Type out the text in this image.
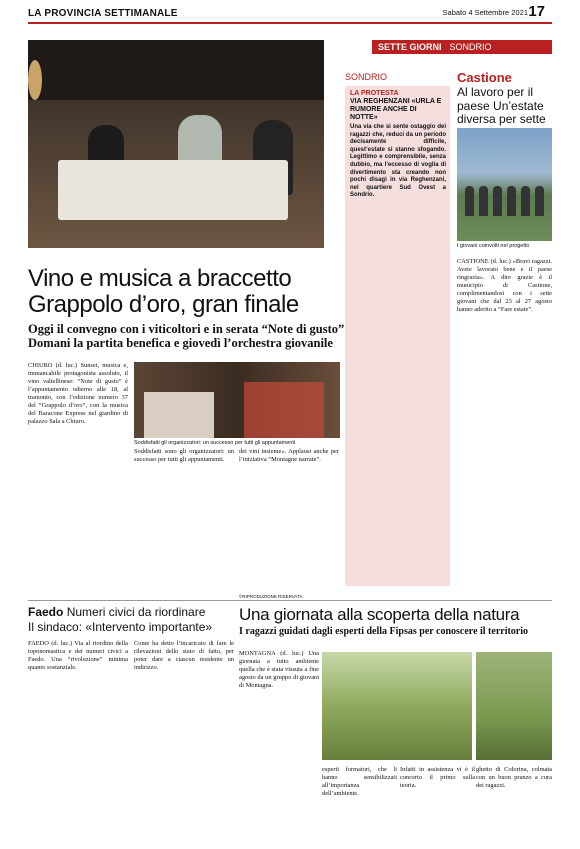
LA PROVINCIA SETTIMANALE	Sabato 4 Settembre 2021 17
SETTE GIORNI SONDRIO
Vino e musica a braccetto Grappolo d’oro, gran finale
Oggi il convegno con i viticoltori e in serata “Note di gusto” Domani la partita benefica e giovedì l’orchestra giovanile
CHIURO (d. luc.) Sunset, musica e, immancabile protagonista assoluto, il vino valtellinese: “Note di gusto” è l’appuntamento odierno alle 18, al tramonto, con l’edizione numero 37 del “Grappolo d’oro”, con la musica del Baracone Express nel giardino di palazzo Sala a Chiuro.
Soddisfatti gli organizzatori: un successo per tutti gli appuntamenti
Soddisfatti sono gli organizzatori: un successo per tutti gli appuntamenti.
dei vini insieme». Applausi anche per l’iniziativa “Montagne narrate”.
©RIPRODUZIONE RISERVATA
SONDRIO
LA PROTESTA
VIA REGHENZANI «URLA E RUMORE ANCHE DI NOTTE»
Una via che si sente ostaggio dei ragazzi che, reduci da un periodo decisamente difficile, quest’estate si stanno sfogando. Legittimo e comprensibile, senza dubbio, ma l’eccesso di voglia di divertimento sta creando non pochi disagi in via Reghenzani, nel quartiere Sud Ovest a Sondrio.
Castione
Al lavoro per il paese Un’estate diversa per sette
I giovani coinvolti nel progetto
CASTIONE (d. luc.) «Bravi ragazzi. Avete lavorato bene e il paese ringrazia». A dire grazie è il municipio di Castione, complimentandosi con i sette giovani che dal 23 al 27 agosto hanno aderito a “Fare estate”.
Faedo Numeri civici da riordinare
Il sindaco: «Intervento importante»
FAEDO (d. luc.) Via al riordino della toponomastica e dei numeri civici a Faedo. Una “rivoluzione” minima quanto sostanziale.
Come ha detto l’incaricato di fare le rilevazioni dello stato di fatto, per poter dare a ciascun residente un indirizzo.
Una giornata alla scoperta della natura
I ragazzi guidati dagli esperti della Fipsas per conoscere il territorio
MONTAGNA (d. luc.) Una giornata a tutto ambiente quella che è stata vissuta a fine agosto da un gruppo di giovani di Montagna.
esperti formatori, che li hanno sensibilizzati all’importanza dell’ambiente.
Infatti in assistenza vi è il concerto il primo sulla teoria.
ghetto di Colorina, colmata con un buon pranzo a cura dei ragazzi.
